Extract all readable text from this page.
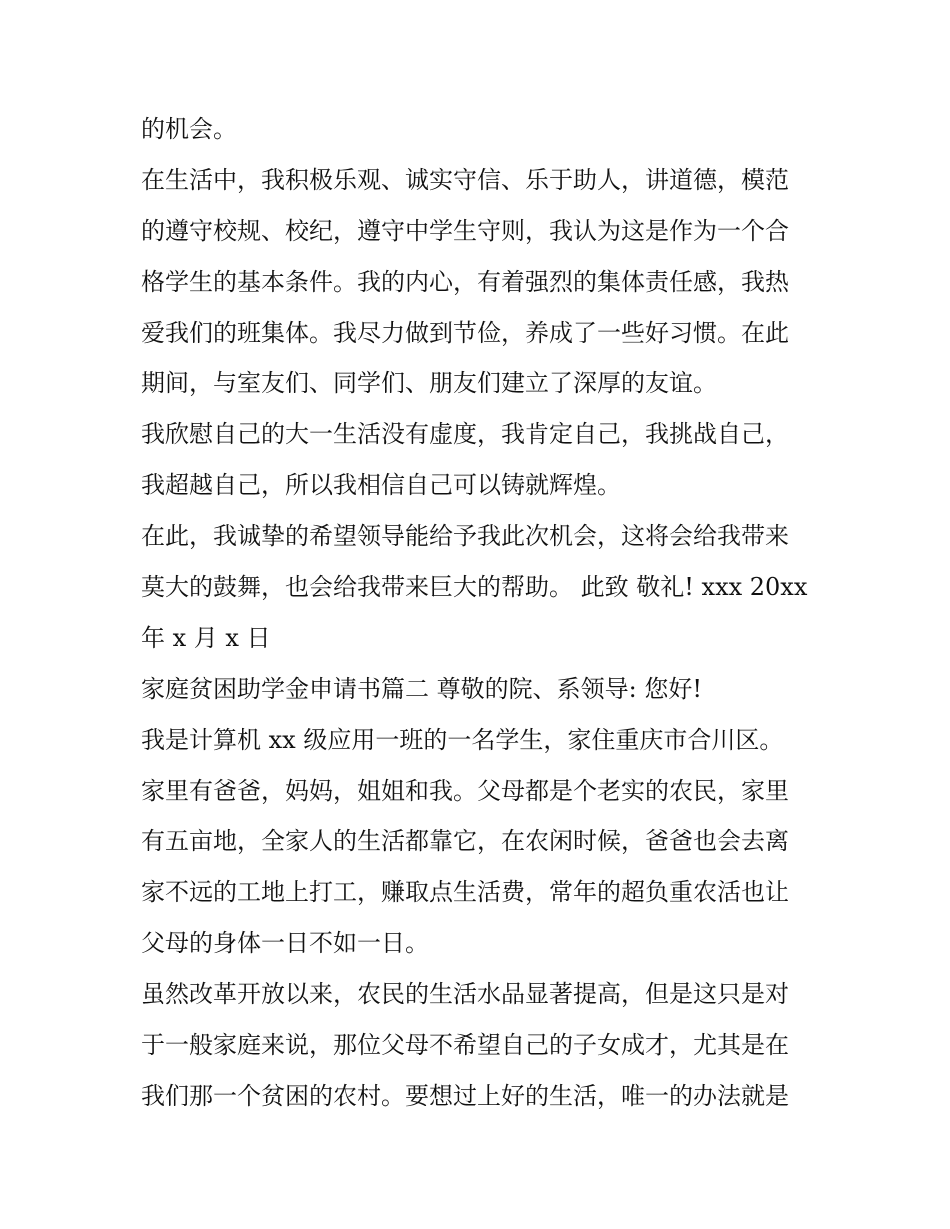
的机会。
在生活中，我积极乐观、诚实守信、乐于助人，讲道德，模范
的遵守校规、校纪，遵守中学生守则，我认为这是作为一个合
格学生的基本条件。我的内心，有着强烈的集体责任感，我热
爱我们的班集体。我尽力做到节俭，养成了一些好习惯。在此
期间，与室友们、同学们、朋友们建立了深厚的友谊。
我欣慰自己的大一生活没有虚度，我肯定自己，我挑战自己，
我超越自己，所以我相信自己可以铸就辉煌。
在此，我诚挚的希望领导能给予我此次机会，这将会给我带来
莫大的鼓舞，也会给我带来巨大的帮助。 此致 敬礼! xxx 20xx
年 x 月 x 日
家庭贫困助学金申请书篇二 尊敬的院、系领导: 您好!
我是计算机 xx 级应用一班的一名学生，家住重庆市合川区。
家里有爸爸，妈妈，姐姐和我。父母都是个老实的农民，家里
有五亩地，全家人的生活都靠它，在农闲时候，爸爸也会去离
家不远的工地上打工，赚取点生活费，常年的超负重农活也让
父母的身体一日不如一日。
虽然改革开放以来，农民的生活水品显著提高，但是这只是对
于一般家庭来说，那位父母不希望自己的子女成才，尤其是在
我们那一个贫困的农村。要想过上好的生活，唯一的办法就是
